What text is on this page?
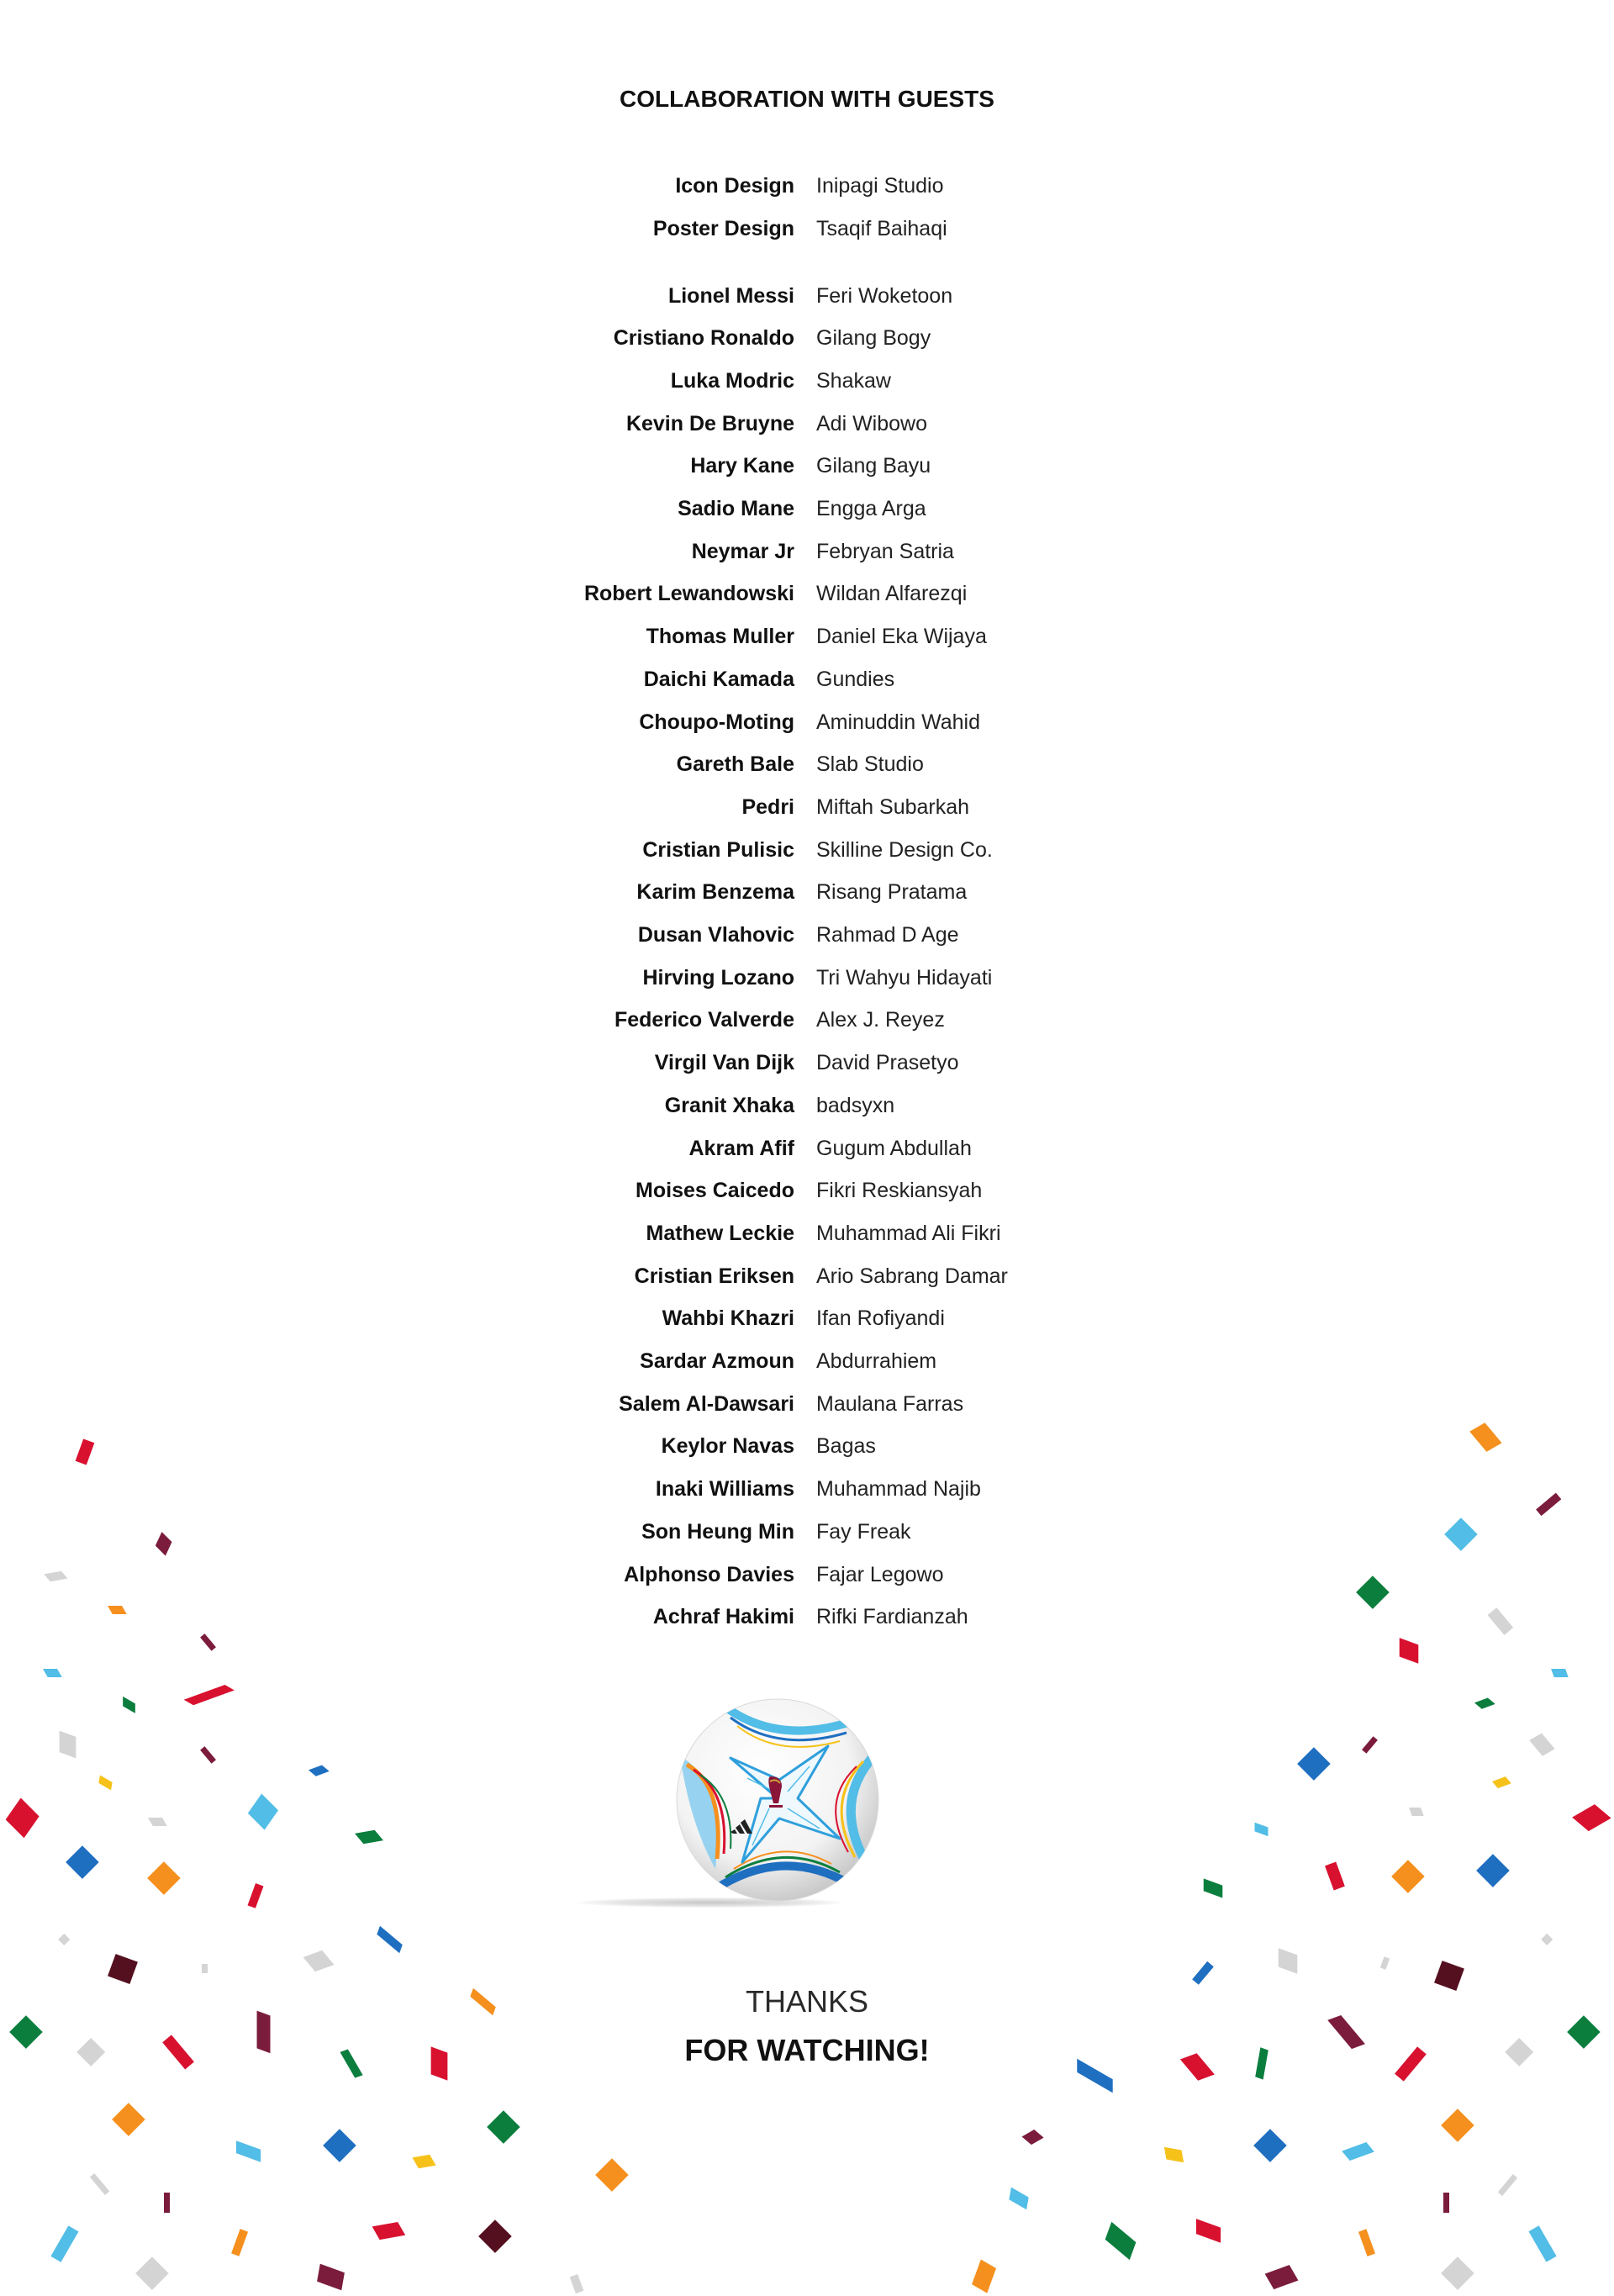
COLLABORATION WITH GUESTS
Icon Design Inipagi Studio
Poster Design Tsaqif Baihaqi
Lionel Messi Feri Woketoon
Cristiano Ronaldo Gilang Bogy
Luka Modric Shakaw
Kevin De Bruyne Adi Wibowo
Hary Kane Gilang Bayu
Sadio Mane Engga Arga
Neymar Jr Febryan Satria
Robert Lewandowski Wildan Alfarezqi
Thomas Muller Daniel Eka Wijaya
Daichi Kamada Gundies
Choupo-Moting Aminuddin Wahid
Gareth Bale Slab Studio
Pedri Miftah Subarkah
Cristian Pulisic Skilline Design Co.
Karim Benzema Risang Pratama
Dusan Vlahovic Rahmad D Age
Hirving Lozano Tri Wahyu Hidayati
Federico Valverde Alex J. Reyez
Virgil Van Dijk David Prasetyo
Granit Xhaka badsyxn
Akram Afif Gugum Abdullah
Moises Caicedo Fikri Reskiansyah
Mathew Leckie Muhammad Ali Fikri
Cristian Eriksen Ario Sabrang Damar
Wahbi Khazri Ifan Rofiyandi
Sardar Azmoun Abdurrahiem
Salem Al-Dawsari Maulana Farras
Keylor Navas Bagas
Inaki Williams Muhammad Najib
Son Heung Min Fay Freak
Alphonso Davies Fajar Legowo
Achraf Hakimi Rifki Fardianzah
THANKS
FOR WATCHING!
